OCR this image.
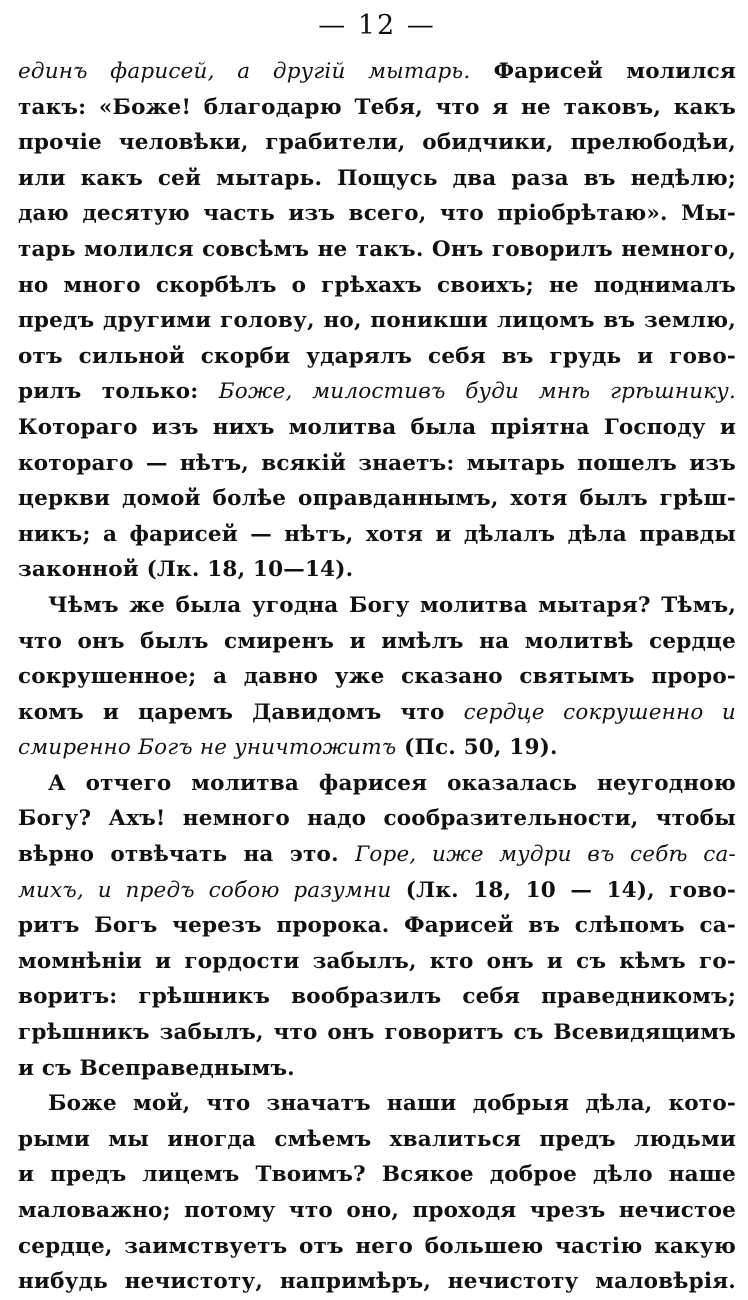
— 12 —
единъ фарисей, а другій мытарь. Фарисей молился
такъ: «Боже! благодарю Тебя, что я не таковъ, какъ
прочіе человѣки, грабители, обидчики, прелюбодѣи,
или какъ сей мытарь. Пощусь два раза въ недѣлю;
даю десятую часть изъ всего, что пріобрѣтаю». Мы-
тарь молился совсѣмъ не такъ. Онъ говорилъ немного,
но много скорбѣлъ о грѣхахъ своихъ; не поднималъ
предъ другими голову, но, поникши лицомъ въ землю,
отъ сильной скорби ударялъ себя въ грудь и гово-
рилъ только: Боже, милостивъ буди мнѣ грѣшнику.
Котораго изъ нихъ молитва была пріятна Господу и
котораго — нѣтъ, всякій знаетъ: мытарь пошелъ изъ
церкви домой болѣе оправданнымъ, хотя былъ грѣш-
никъ; а фарисей — нѣтъ, хотя и дѣлалъ дѣла правды
законной (Лк. 18, 10—14).
Чѣмъ же была угодна Богу молитва мытаря? Тѣмъ,
что онъ былъ смиренъ и имѣлъ на молитвѣ сердце
сокрушенное; а давно уже сказано святымъ проро-
комъ и царемъ Давидомъ что сердце сокрушенно и
смиренно Богъ не уничтожитъ (Пс. 50, 19).
А отчего молитва фарисея оказалась неугодною
Богу? Ахъ! немного надо сообразительности, чтобы
вѣрно отвѣчать на это. Горе, иже мудри въ себѣ са-
михъ, и предъ собою разумни (Лк. 18, 10 — 14), гово-
ритъ Богъ черезъ пророка. Фарисей въ слѣпомъ са-
момнѣніи и гордости забылъ, кто онъ и съ кѣмъ го-
воритъ: грѣшникъ вообразилъ себя праведникомъ;
грѣшникъ забылъ, что онъ говоритъ съ Всевидящимъ
и съ Всеправеднымъ.
Боже мой, что значатъ наши добрыя дѣла, кото-
рыми мы иногда смѣемъ хвалиться предъ людьми
и предъ лицемъ Твоимъ? Всякое доброе дѣло наше
маловажно; потому что оно, проходя чрезъ нечистое
сердце, заимствуетъ отъ него большею частію какую
нибудь нечистоту, напримѣръ, нечистоту маловѣрія.
